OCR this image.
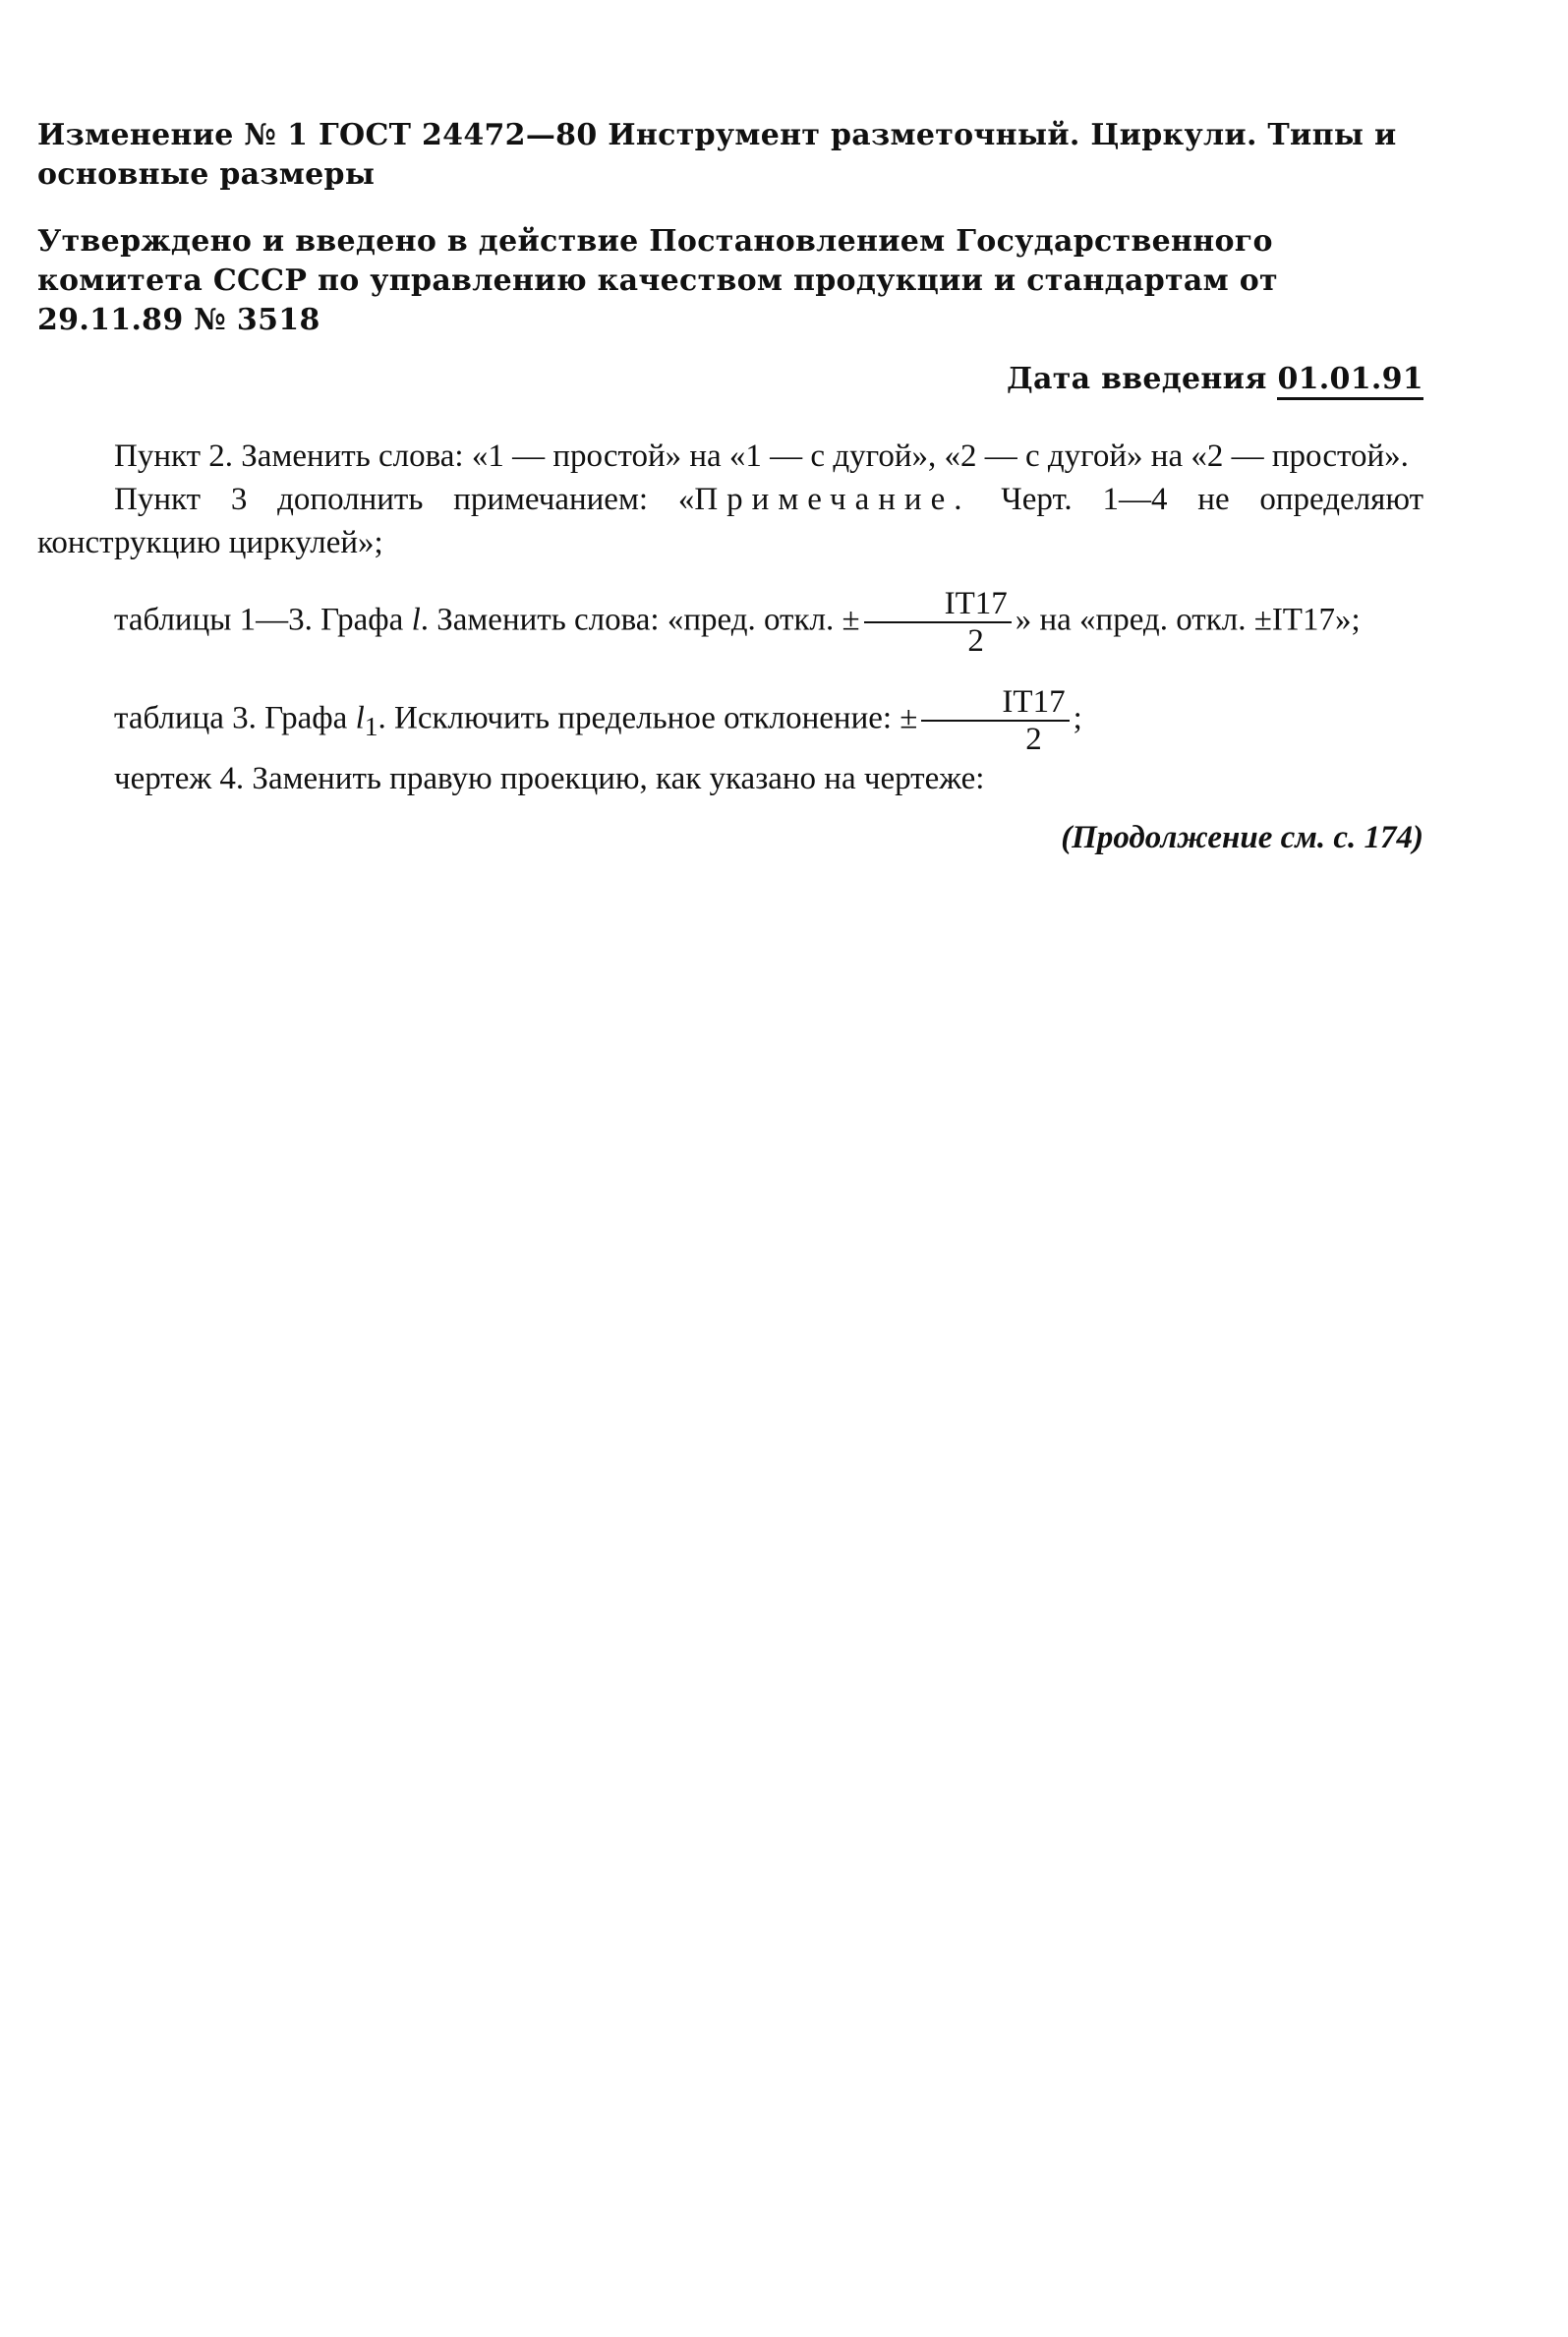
Изменение № 1 ГОСТ 24472—80 Инструмент разметочный. Циркули. Типы и основные размеры

Утверждено и введено в действие Постановлением Государственного комитета СССР по управлению качеством продукции и стандартам от 29.11.89 № 3518

Дата введения 01.01.91

Пункт 2. Заменить слова: «1 — простой» на «1 — с дугой», «2 — с дугой» на «2 — простой».

Пункт 3 дополнить примечанием: «Примечание. Черт. 1—4 не определяют конструкцию циркулей»;

таблицы 1—3. Графа l. Заменить слова: «пред. откл. ± $\frac{IT17}{2}$ » на «пред. откл. ±IT17»;

таблица 3. Графа $l_1$. Исключить предельное отклонение: ± $\frac{IT17}{2}$ ;

чертеж 4. Заменить правую проекцию, как указано на чертеже:

(Продолжение см. с. 174)
